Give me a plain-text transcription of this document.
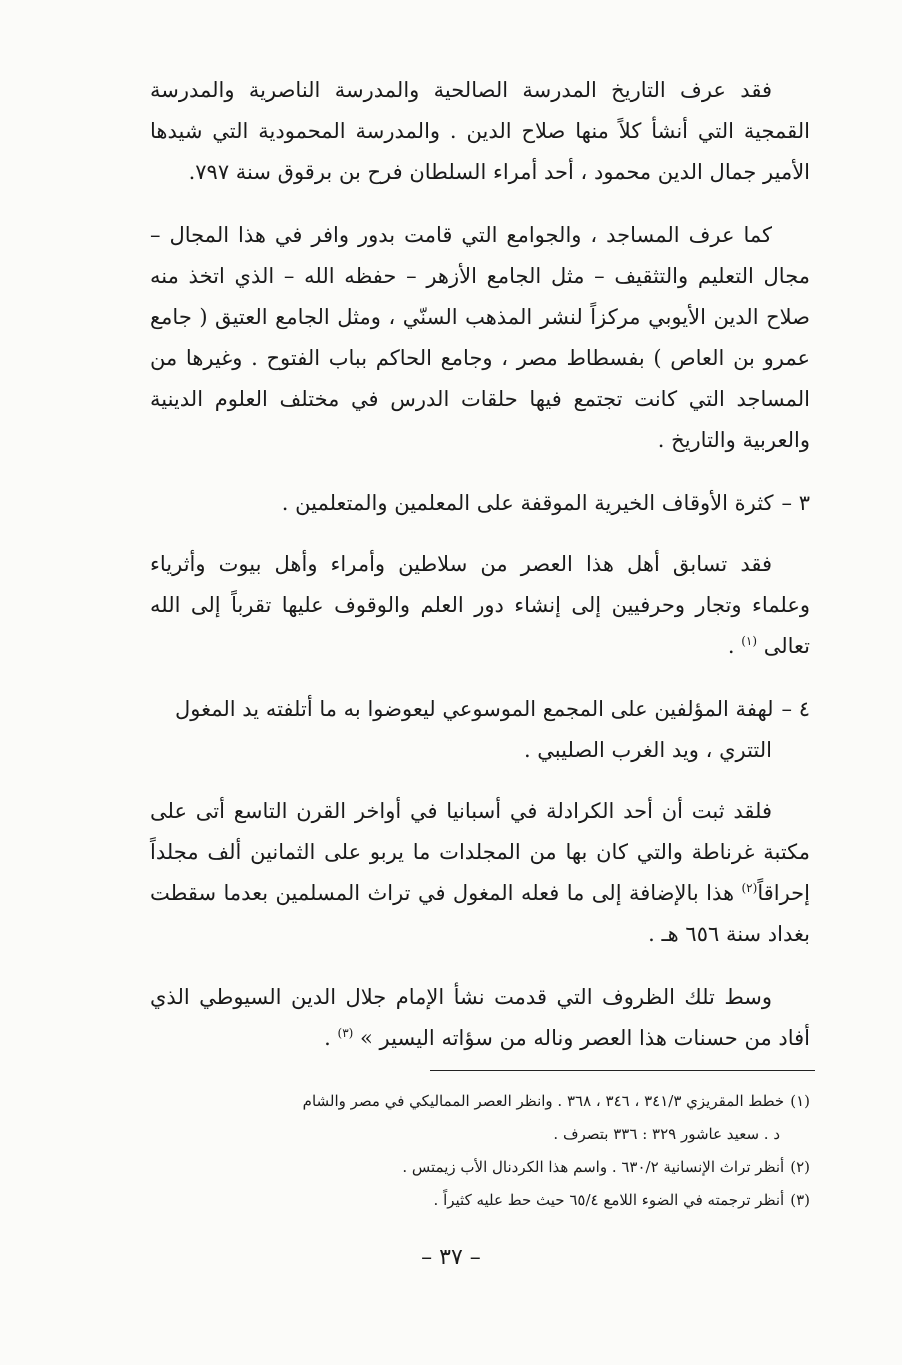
فقد عرف التاريخ المدرسة الصالحية والمدرسة الناصرية والمدرسة القمجية التي أنشأ كلاً منها صلاح الدين . والمدرسة المحمودية التي شيدها الأمير جمال الدين محمود ، أحد أمراء السلطان فرح بن برقوق سنة ٧٩٧.

كما عرف المساجد ، والجوامع التي قامت بدور وافر في هذا المجال – مجال التعليم والتثقيف – مثل الجامع الأزهر – حفظه الله – الذي اتخذ منه صلاح الدين الأيوبي مركزاً لنشر المذهب السنّي ، ومثل الجامع العتيق ( جامع عمرو بن العاص ) بفسطاط مصر ، وجامع الحاكم بباب الفتوح . وغيرها من المساجد التي كانت تجتمع فيها حلقات الدرس في مختلف العلوم الدينية والعربية والتاريخ .

٣ –كثرة الأوقاف الخيرية الموقفة على المعلمين والمتعلمين .

فقد تسابق أهل هذا العصر من سلاطين وأمراء وأهل بيوت وأثرياء وعلماء وتجار وحرفيين إلى إنشاء دور العلم والوقوف عليها تقرباً إلى الله تعالى $^{(١)}$ .

٤ –لهفة المؤلفين على المجمع الموسوعي ليعوضوا به ما أتلفته يد المغول التتري ، ويد الغرب الصليبي .

فلقد ثبت أن أحد الكرادلة في أسبانيا في أواخر القرن التاسع أتى على مكتبة غرناطة والتي كان بها من المجلدات ما يربو على الثمانين ألف مجلداً إحراقاً$^{(٢)}$ هذا بالإضافة إلى ما فعله المغول في تراث المسلمين بعدما سقطت بغداد سنة ٦٥٦ هـ .

وسط تلك الظروف التي قدمت نشأ الإمام جلال الدين السيوطي الذي أفاد من حسنات هذا العصر وناله من سؤاته اليسير » $^{(٣)}$ .

(١)خطط المقريزي ٣٤١/٣ ، ٣٤٦ ، ٣٦٨ . وانظر العصر المماليكي في مصر والشام

د . سعيد عاشور ٣٢٩ : ٣٣٦ بتصرف .

(٢)أنظر تراث الإنسانية ٦٣٠/٢ . واسم هذا الكردنال الأب زيمتس .

(٣)أنظر ترجمته في الضوء اللامع ٦٥/٤ حيث حط عليه كثيراً .

– ٣٧ –
